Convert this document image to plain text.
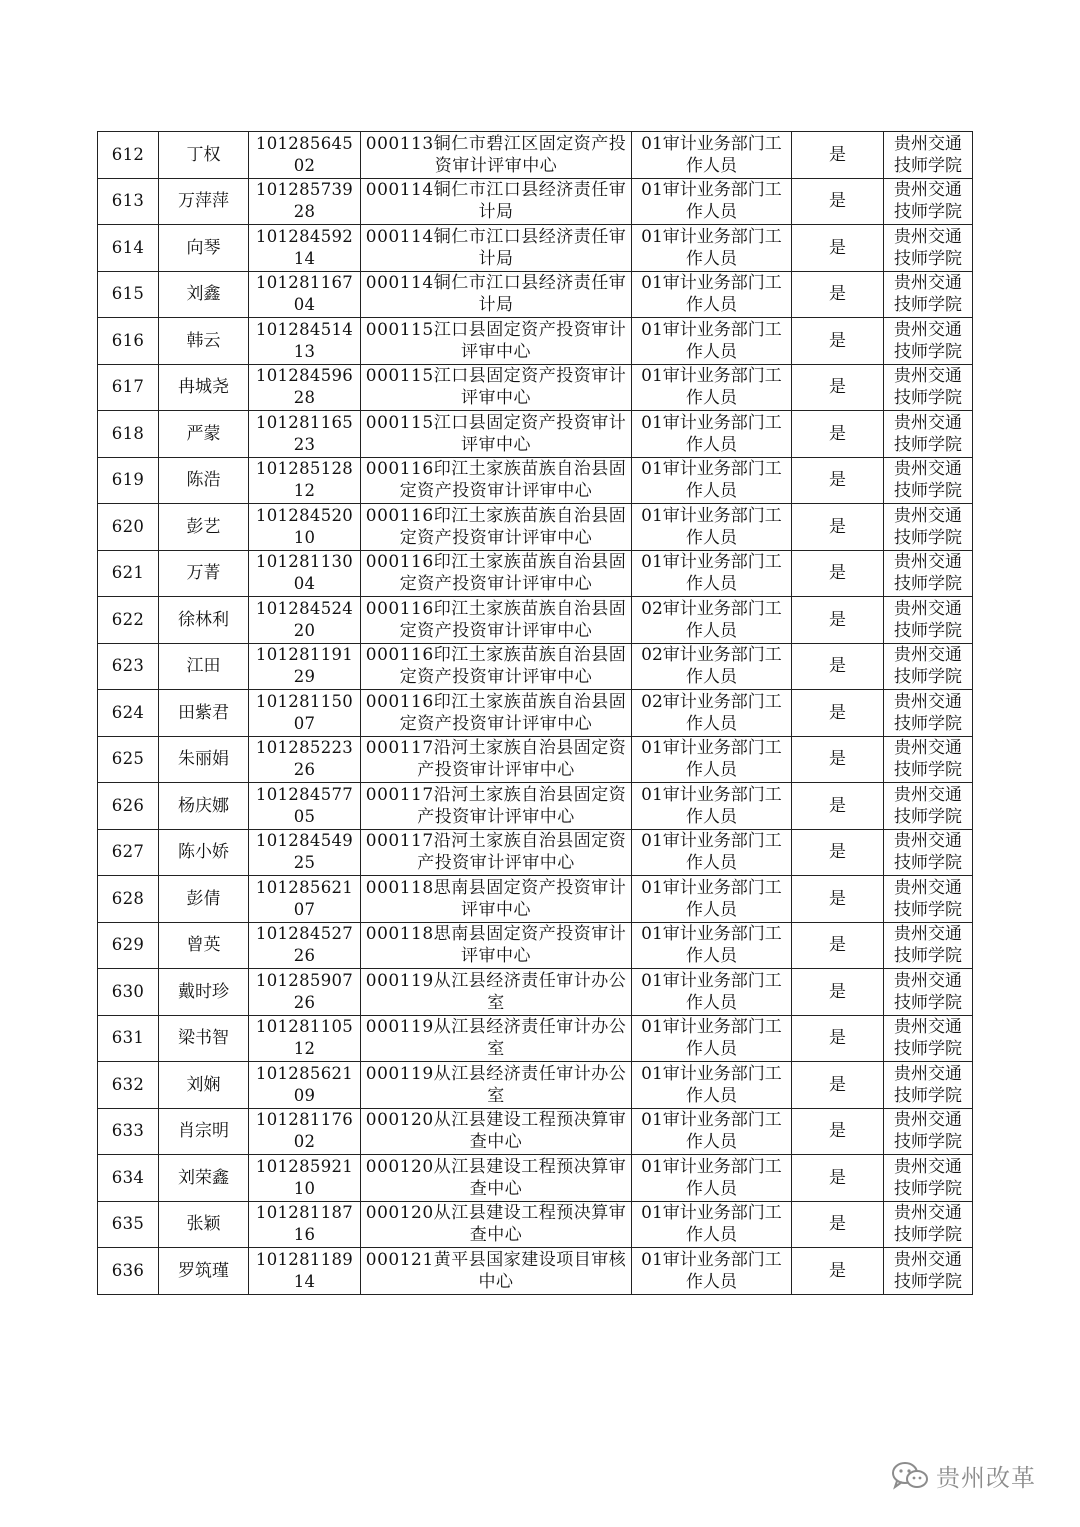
612	丁权	10128564502	000113铜仁市碧江区固定资产投资审计评审中心	01审计业务部门工作人员	是	贵州交通技师学院
613	万萍萍	10128573928	000114铜仁市江口县经济责任审计局	01审计业务部门工作人员	是	贵州交通技师学院
614	向琴	10128459214	000114铜仁市江口县经济责任审计局	01审计业务部门工作人员	是	贵州交通技师学院
615	刘鑫	10128116704	000114铜仁市江口县经济责任审计局	01审计业务部门工作人员	是	贵州交通技师学院
616	韩云	10128451413	000115江口县固定资产投资审计评审中心	01审计业务部门工作人员	是	贵州交通技师学院
617	冉城尧	10128459628	000115江口县固定资产投资审计评审中心	01审计业务部门工作人员	是	贵州交通技师学院
618	严蒙	10128116523	000115江口县固定资产投资审计评审中心	01审计业务部门工作人员	是	贵州交通技师学院
619	陈浩	10128512812	000116印江土家族苗族自治县固定资产投资审计评审中心	01审计业务部门工作人员	是	贵州交通技师学院
620	彭艺	10128452010	000116印江土家族苗族自治县固定资产投资审计评审中心	01审计业务部门工作人员	是	贵州交通技师学院
621	万菁	10128113004	000116印江土家族苗族自治县固定资产投资审计评审中心	01审计业务部门工作人员	是	贵州交通技师学院
622	徐林利	10128452420	000116印江土家族苗族自治县固定资产投资审计评审中心	02审计业务部门工作人员	是	贵州交通技师学院
623	江田	10128119129	000116印江土家族苗族自治县固定资产投资审计评审中心	02审计业务部门工作人员	是	贵州交通技师学院
624	田紫君	10128115007	000116印江土家族苗族自治县固定资产投资审计评审中心	02审计业务部门工作人员	是	贵州交通技师学院
625	朱丽娟	10128522326	000117沿河土家族自治县固定资产投资审计评审中心	01审计业务部门工作人员	是	贵州交通技师学院
626	杨庆娜	10128457705	000117沿河土家族自治县固定资产投资审计评审中心	01审计业务部门工作人员	是	贵州交通技师学院
627	陈小娇	10128454925	000117沿河土家族自治县固定资产投资审计评审中心	01审计业务部门工作人员	是	贵州交通技师学院
628	彭倩	10128562107	000118思南县固定资产投资审计评审中心	01审计业务部门工作人员	是	贵州交通技师学院
629	曾英	10128452726	000118思南县固定资产投资审计评审中心	01审计业务部门工作人员	是	贵州交通技师学院
630	戴时珍	10128590726	000119从江县经济责任审计办公室	01审计业务部门工作人员	是	贵州交通技师学院
631	梁书智	10128110512	000119从江县经济责任审计办公室	01审计业务部门工作人员	是	贵州交通技师学院
632	刘娴	10128562109	000119从江县经济责任审计办公室	01审计业务部门工作人员	是	贵州交通技师学院
633	肖宗明	10128117602	000120从江县建设工程预决算审查中心	01审计业务部门工作人员	是	贵州交通技师学院
634	刘荣鑫	10128592110	000120从江县建设工程预决算审查中心	01审计业务部门工作人员	是	贵州交通技师学院
635	张颖	10128118716	000120从江县建设工程预决算审查中心	01审计业务部门工作人员	是	贵州交通技师学院
636	罗筑瑾	10128118914	000121黄平县国家建设项目审核中心	01审计业务部门工作人员	是	贵州交通技师学院
贵州改革
